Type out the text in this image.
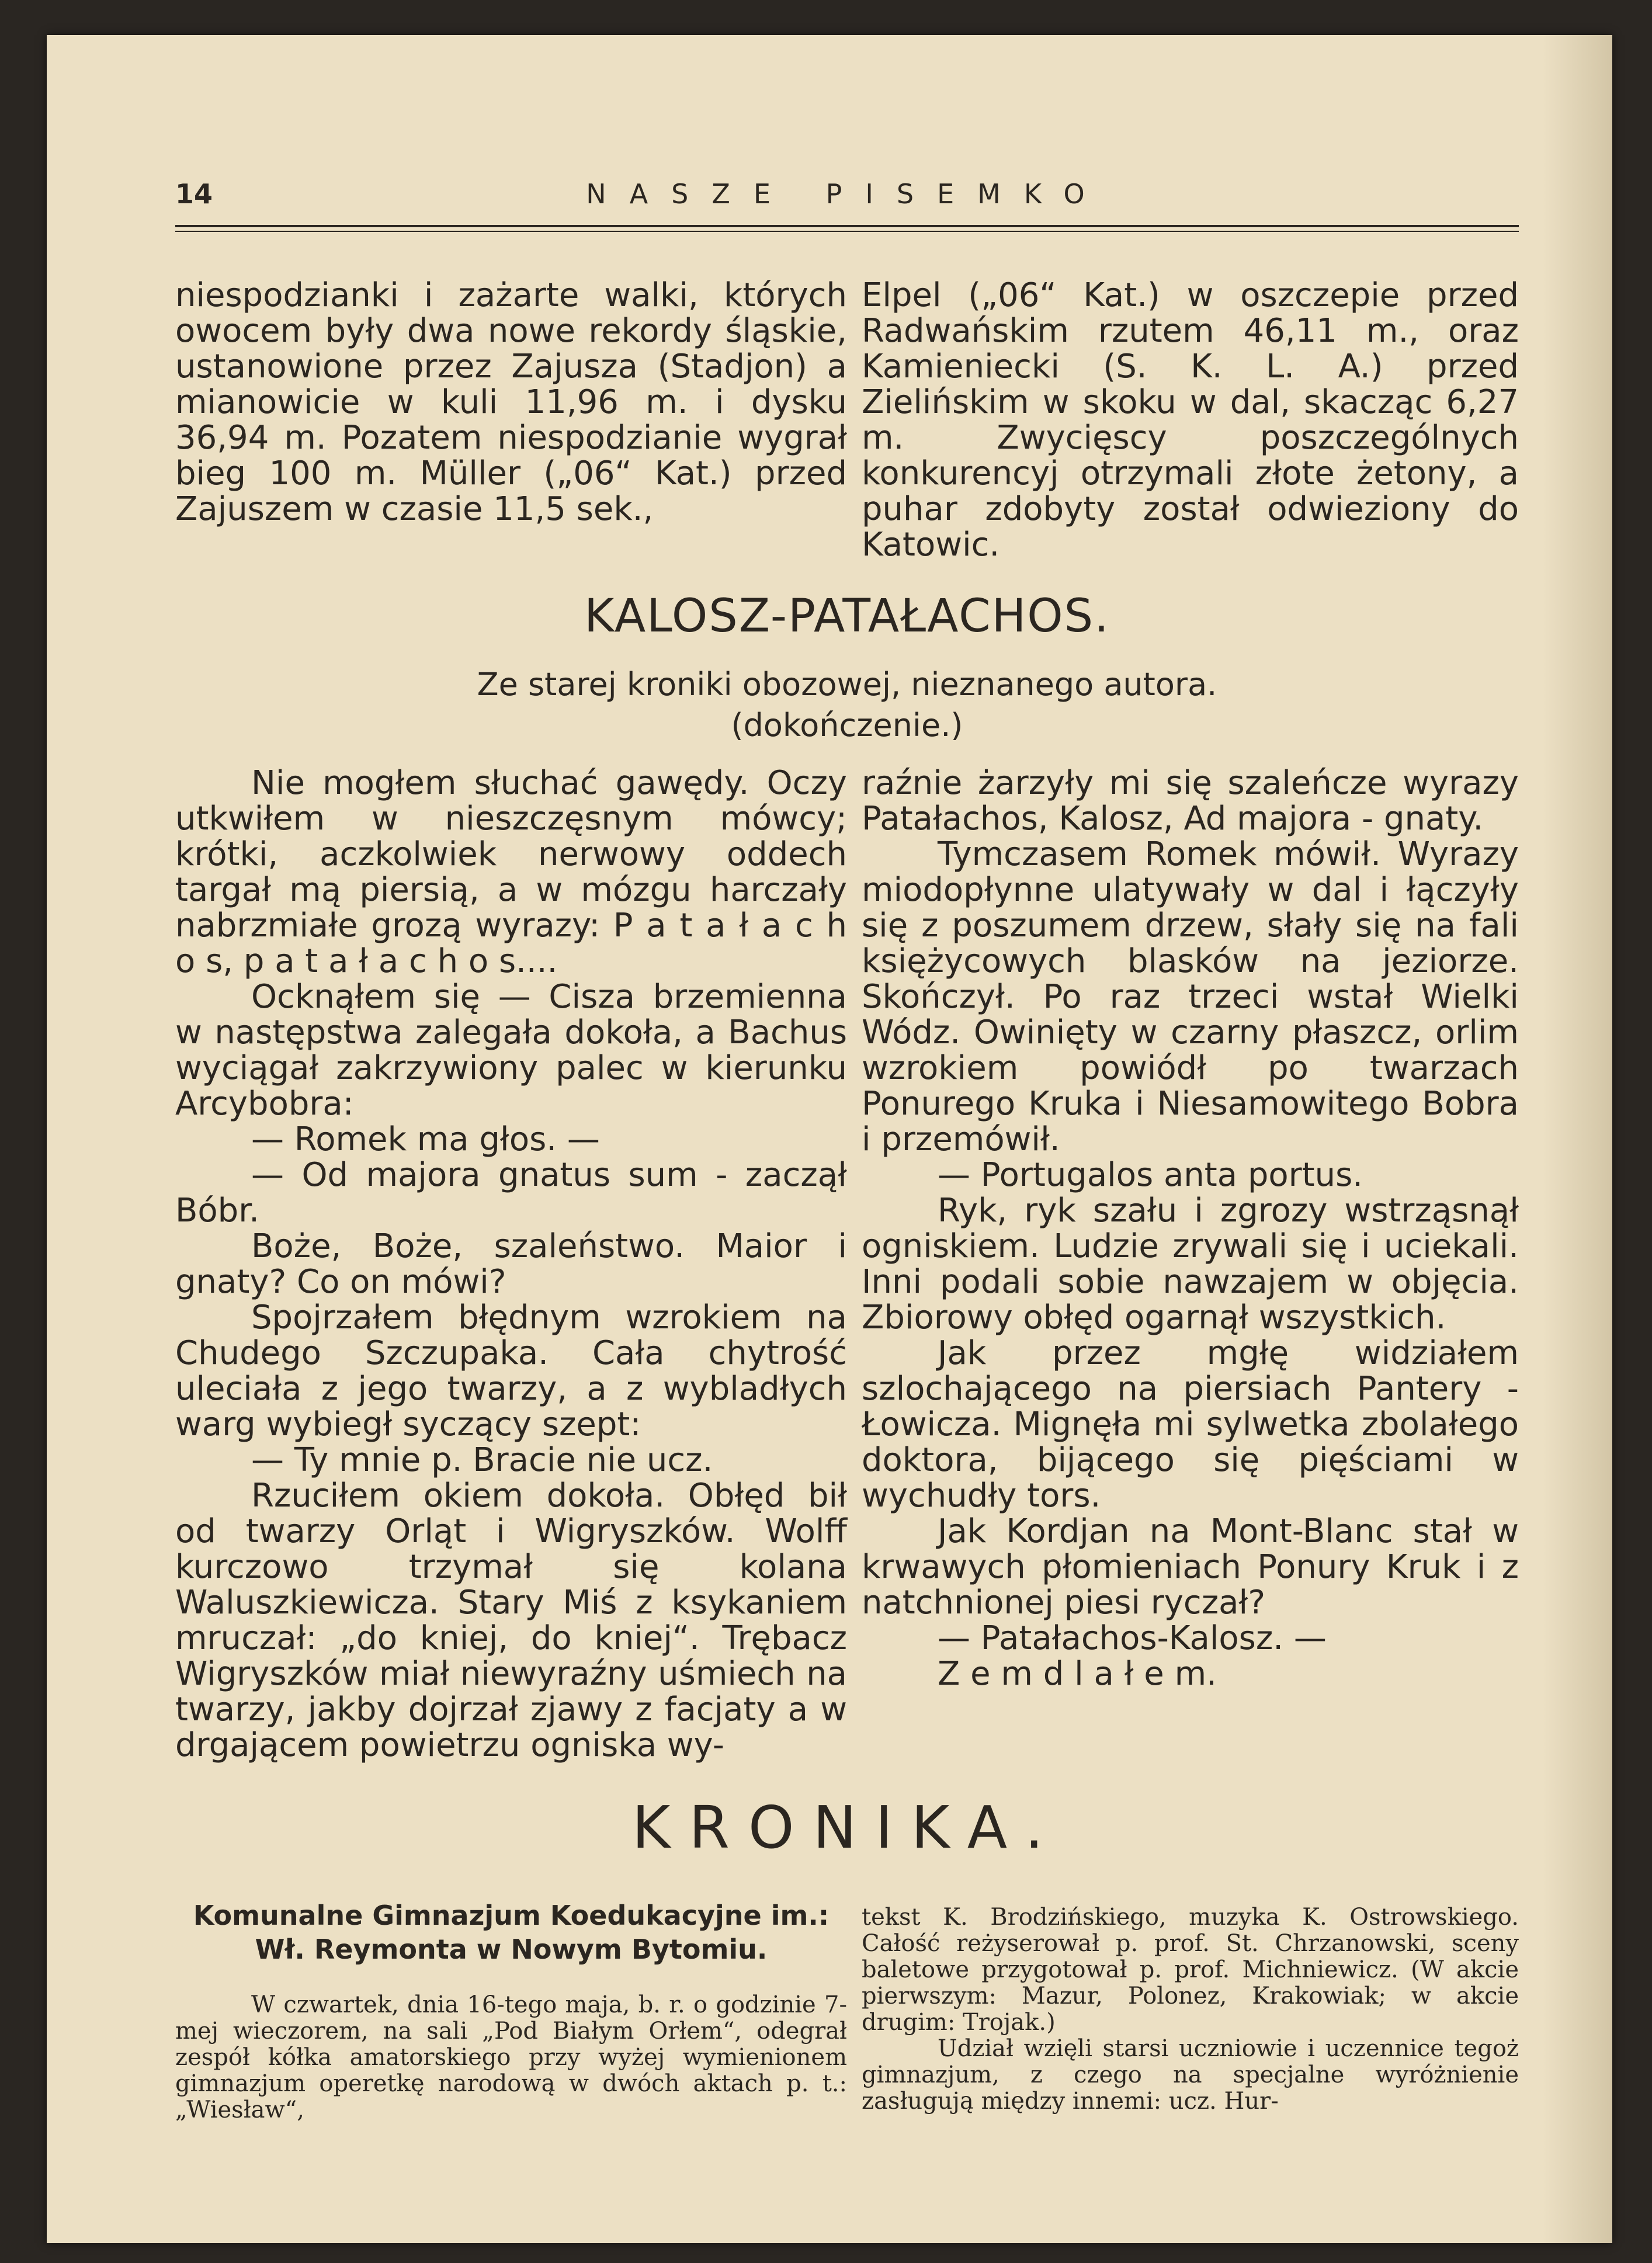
14	NASZE PISEMKO

niespodzianki i zażarte walki, których owocem były dwa nowe rekordy śląskie, ustanowione przez Zajusza (Stadjon) a mianowicie w kuli 11,96 m. i dysku 36,94 m. Pozatem niespodzianie wygrał bieg 100 m. Müller („06“ Kat.) przed Zajuszem w czasie 11,5 sek.,

Elpel („06“ Kat.) w oszczepie przed Radwańskim rzutem 46,11 m., oraz Kamieniecki (S. K. L. A.) przed Zielińskim w skoku w dal, skacząc 6,27 m. Zwycięscy poszczególnych konkurencyj otrzymali złote żetony, a puhar zdobyty został odwieziony do Katowic.

KALOSZ-PATAŁACHOS.
Ze starej kroniki obozowej, nieznanego autora.
(dokończenie.)

Nie mogłem słuchać gawędy. Oczy utkwiłem w nieszczęsnym mówcy; krótki, aczkolwiek nerwowy oddech targał mą piersią, a w mózgu harczały nabrzmiałe grozą wyrazy: P a t a ł a c h o s, p a t a ł a c h o s....

Ocknąłem się — Cisza brzemienna w następstwa zalegała dokoła, a Bachus wyciągał zakrzywiony palec w kierunku Arcybobra:

— Romek ma głos. —

— Od majora gnatus sum - zaczął Bóbr.

Boże, Boże, szaleństwo. Maior i gnaty? Co on mówi?

Spojrzałem błędnym wzrokiem na Chudego Szczupaka. Cała chytrość uleciała z jego twarzy, a z wybladłych warg wybiegł syczący szept:

— Ty mnie p. Bracie nie ucz.

Rzuciłem okiem dokoła. Obłęd bił od twarzy Orląt i Wigryszków. Wolff kurczowo trzymał się kolana Waluszkiewicza. Stary Miś z ksykaniem mruczał: „do kniej, do kniej“. Trębacz Wigryszków miał niewyraźny uśmiech na twarzy, jakby dojrzał zjawy z facjaty a w drgającem powietrzu ogniska wy-

raźnie żarzyły mi się szaleńcze wyrazy Patałachos, Kalosz, Ad majora - gnaty.

Tymczasem Romek mówił. Wyrazy miodopłynne ulatywały w dal i łączyły się z poszumem drzew, słały się na fali księżycowych blasków na jeziorze. Skończył. Po raz trzeci wstał Wielki Wódz. Owinięty w czarny płaszcz, orlim wzrokiem powiódł po twarzach Ponurego Kruka i Niesamowitego Bobra i przemówił.

— Portugalos anta portus.

Ryk, ryk szału i zgrozy wstrząsnął ogniskiem. Ludzie zrywali się i uciekali. Inni podali sobie nawzajem w objęcia. Zbiorowy obłęd ogarnął wszystkich.

Jak przez mgłę widziałem szlochającego na piersiach Pantery - Łowicza. Mignęła mi sylwetka zbolałego doktora, bijącego się pięściami w wychudły tors.

Jak Kordjan na Mont-Blanc stał w krwawych płomieniach Ponury Kruk i z natchnionej piesi ryczał?

— Patałachos-Kalosz. —

Z e m d l a ł e m.

KRONIKA.
Komunalne Gimnazjum Koedukacyjne im.: Wł. Reymonta w Nowym Bytomiu.

W czwartek, dnia 16-tego maja, b. r. o godzinie 7-mej wieczorem, na sali „Pod Białym Orłem“, odegrał zespół kółka amatorskiego przy wyżej wymienionem gimnazjum operetkę narodową w dwóch aktach p. t.: „Wiesław“,

tekst K. Brodzińskiego, muzyka K. Ostrowskiego. Całość reżyserował p. prof. St. Chrzanowski, sceny baletowe przygotował p. prof. Michniewicz. (W akcie pierwszym: Mazur, Polonez, Krakowiak; w akcie drugim: Trojak.)

Udział wzięli starsi uczniowie i uczennice tegoż gimnazjum, z czego na specjalne wyróżnienie zasługują między innemi: ucz. Hur-
